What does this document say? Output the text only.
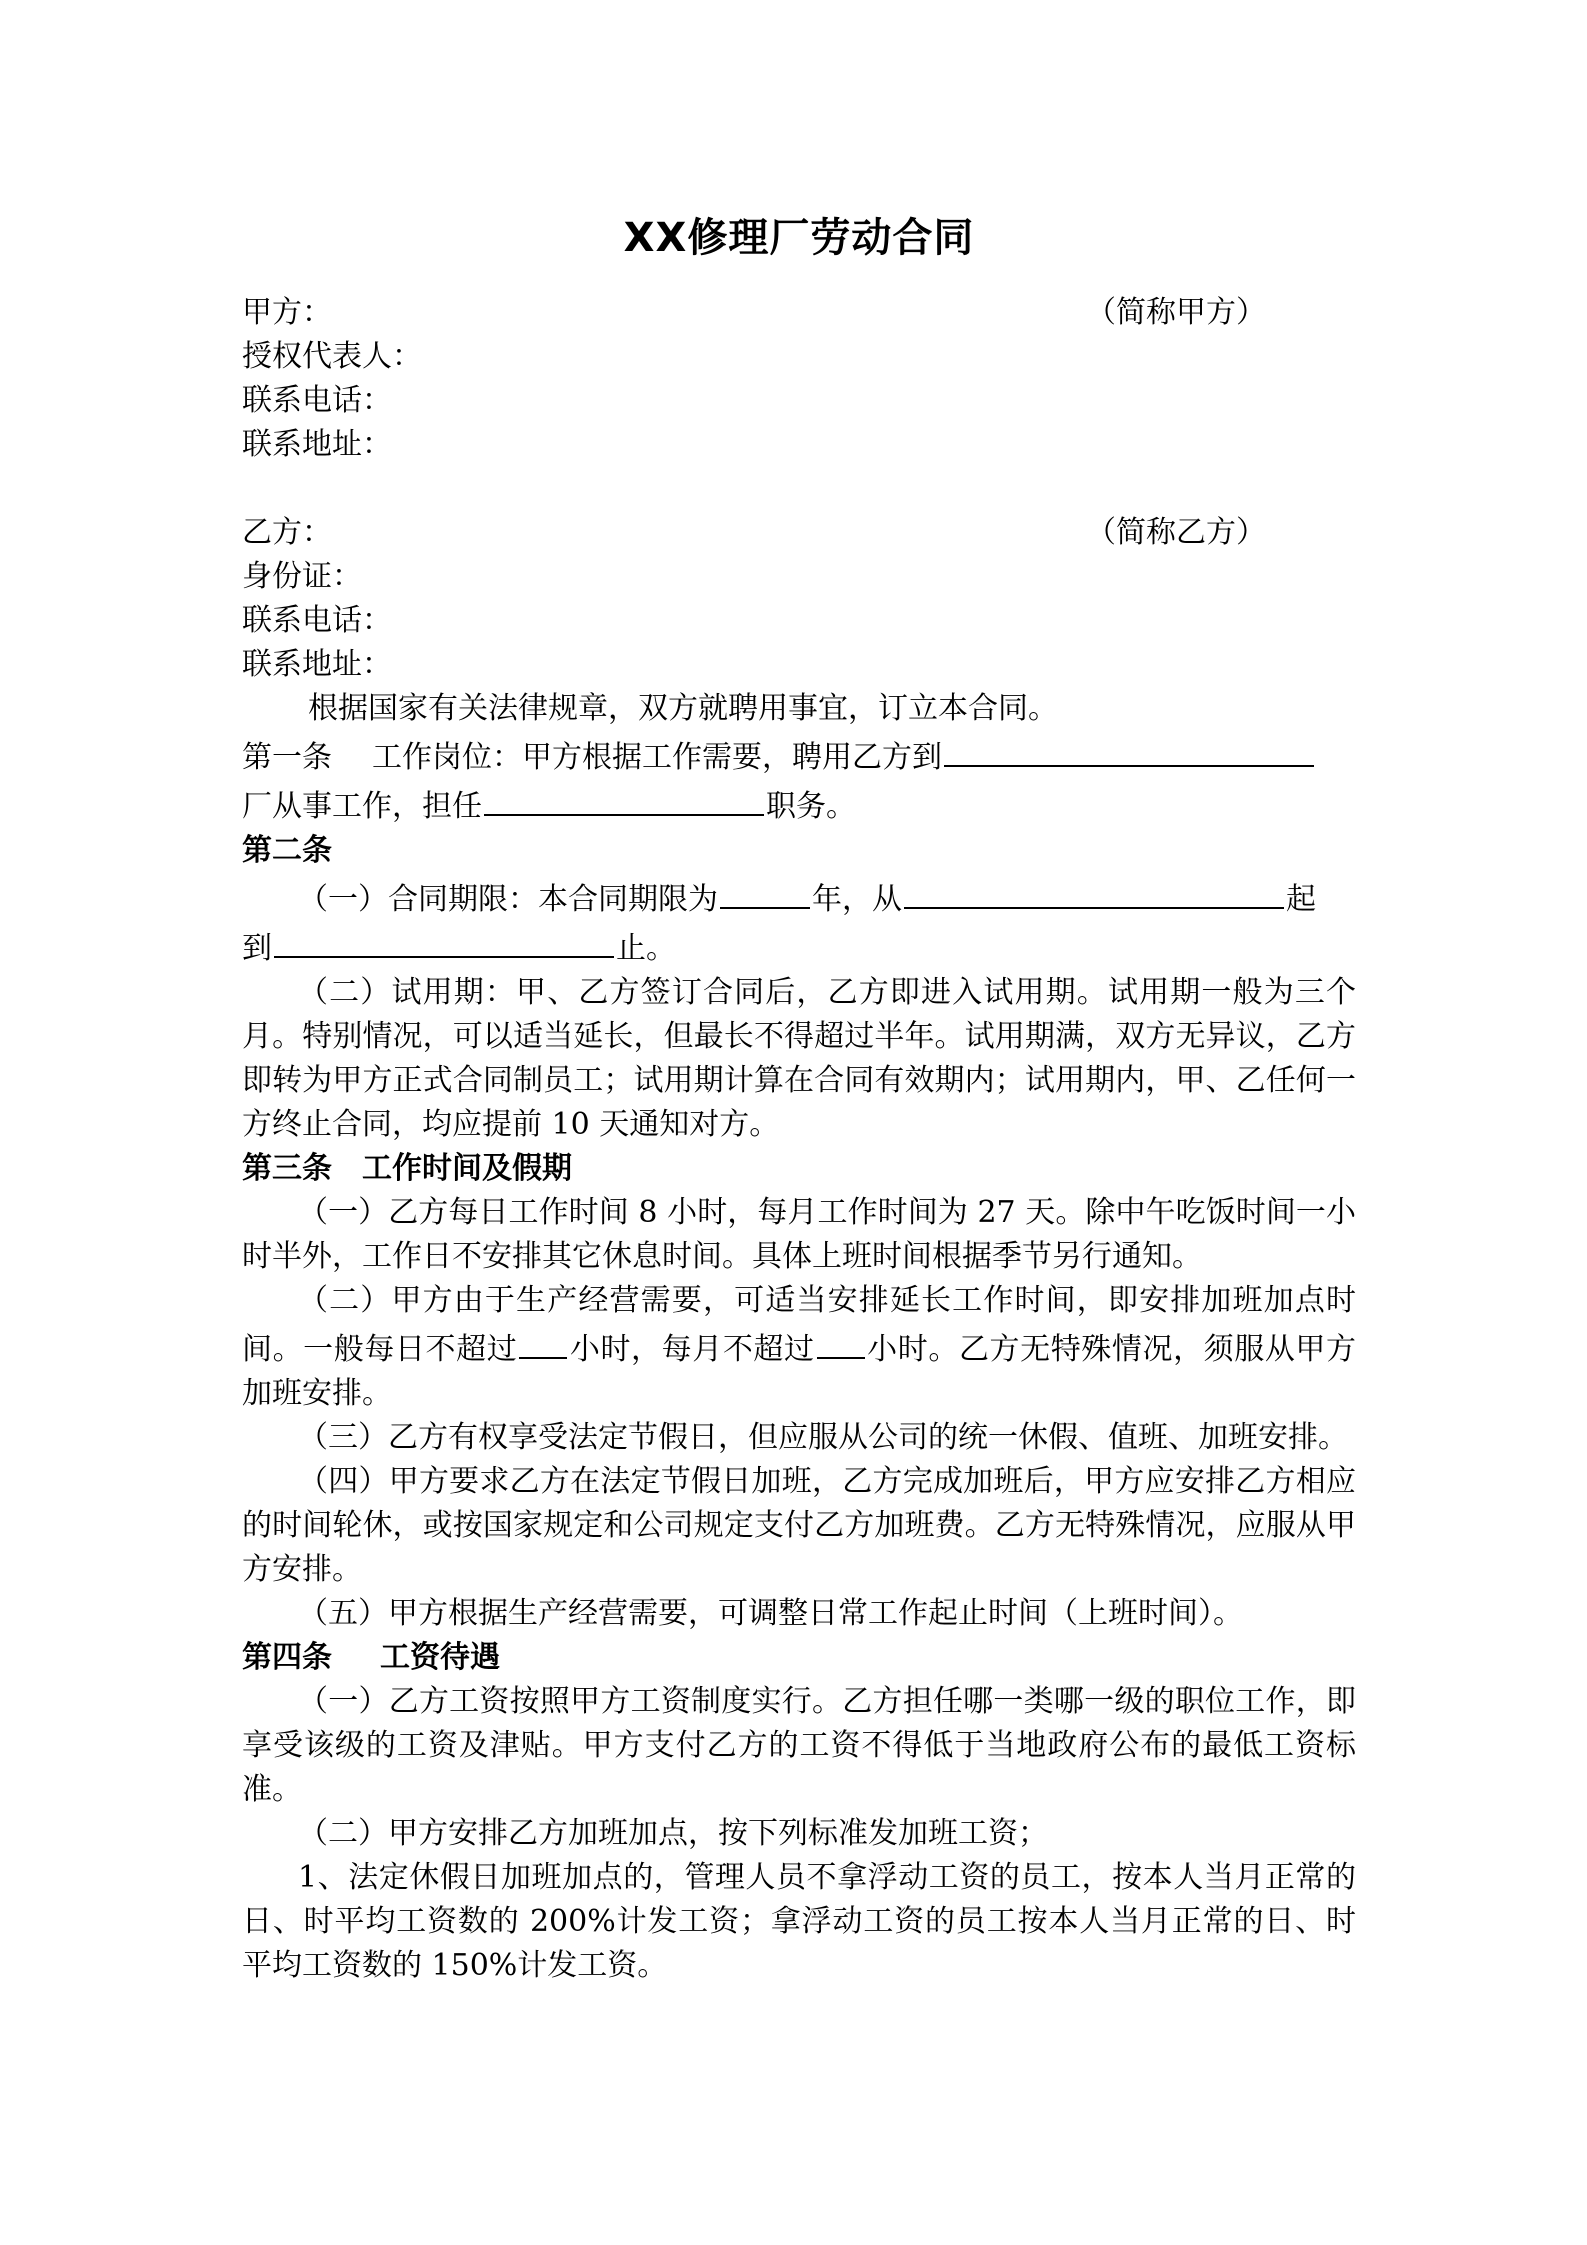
XX修理厂劳动合同
甲方：	（简称甲方）
授权代表人：
联系电话：
联系地址：
乙方：	（简称乙方）
身份证：
联系电话：
联系地址：

根据国家有关法律规章，双方就聘用事宜，订立本合同。

第一条 工作岗位：甲方根据工作需要，聘用乙方到
厂从事工作，担任	职务。

第二条

（一）合同期限：本合同期限为	年，从	起

到	止。

（二）试用期：甲、乙方签订合同后，乙方即进入试用期。试用期一般为三个月。特别情况，可以适当延长，但最长不得超过半年。试用期满，双方无异议，乙方即转为甲方正式合同制员工；试用期计算在合同有效期内；试用期内，甲、乙任何一方终止合同，均应提前 10 天通知对方。

第三条 工作时间及假期

（一）乙方每日工作时间 8 小时，每月工作时间为 27 天。除中午吃饭时间一小时半外，工作日不安排其它休息时间。具体上班时间根据季节另行通知。

（二）甲方由于生产经营需要，可适当安排延长工作时间，即安排加班加点时间。一般每日不超过 小时，每月不超过 小时。乙方无特殊情况，须服从甲方加班安排。

（三）乙方有权享受法定节假日，但应服从公司的统一休假、值班、加班安排。

（四）甲方要求乙方在法定节假日加班，乙方完成加班后，甲方应安排乙方相应的时间轮休，或按国家规定和公司规定支付乙方加班费。乙方无特殊情况，应服从甲方安排。

（五）甲方根据生产经营需要，可调整日常工作起止时间（上班时间）。

第四条 工资待遇

（一）乙方工资按照甲方工资制度实行。乙方担任哪一类哪一级的职位工作，即享受该级的工资及津贴。甲方支付乙方的工资不得低于当地政府公布的最低工资标准。

（二）甲方安排乙方加班加点，按下列标准发加班工资；

1、法定休假日加班加点的，管理人员不拿浮动工资的员工，按本人当月正常的日、时平均工资数的 200%计发工资；拿浮动工资的员工按本人当月正常的日、时平均工资数的 150%计发工资。
